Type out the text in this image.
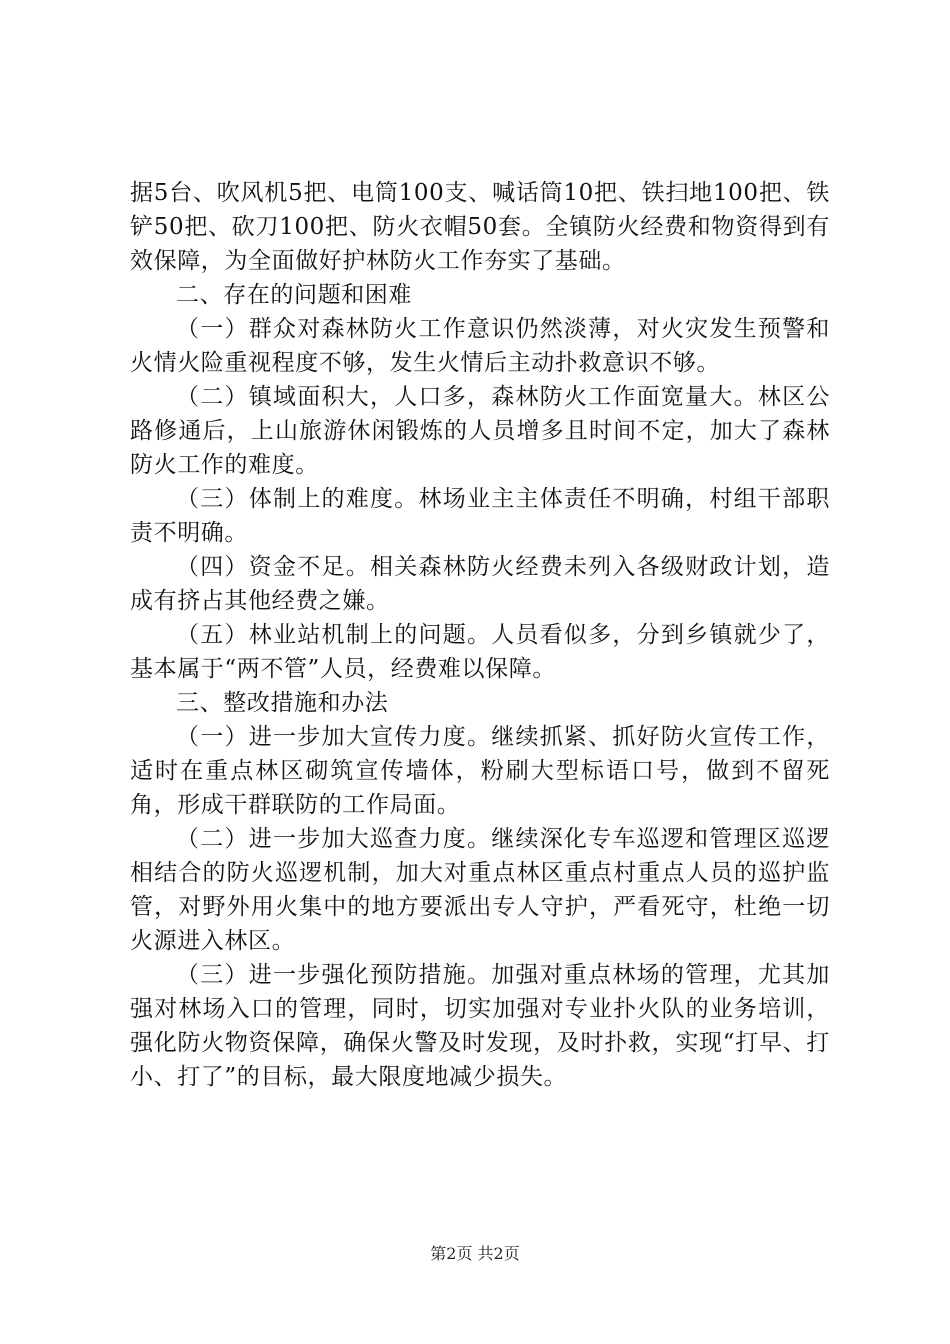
据5台、吹风机5把、电筒100支、喊话筒10把、铁扫地100把、铁铲50把、砍刀100把、防火衣帽50套。全镇防火经费和物资得到有效保障，为全面做好护林防火工作夯实了基础。

二、存在的问题和困难

（一）群众对森林防火工作意识仍然淡薄，对火灾发生预警和火情火险重视程度不够，发生火情后主动扑救意识不够。

（二）镇域面积大，人口多，森林防火工作面宽量大。林区公路修通后，上山旅游休闲锻炼的人员增多且时间不定，加大了森林防火工作的难度。

（三）体制上的难度。林场业主主体责任不明确，村组干部职责不明确。

（四）资金不足。相关森林防火经费未列入各级财政计划，造成有挤占其他经费之嫌。

（五）林业站机制上的问题。人员看似多，分到乡镇就少了，基本属于“两不管”人员，经费难以保障。

三、整改措施和办法

（一）进一步加大宣传力度。继续抓紧、抓好防火宣传工作，适时在重点林区砌筑宣传墙体，粉刷大型标语口号，做到不留死角，形成干群联防的工作局面。

（二）进一步加大巡查力度。继续深化专车巡逻和管理区巡逻相结合的防火巡逻机制，加大对重点林区重点村重点人员的巡护监管，对野外用火集中的地方要派出专人守护，严看死守，杜绝一切火源进入林区。

（三）进一步强化预防措施。加强对重点林场的管理，尤其加强对林场入口的管理，同时，切实加强对专业扑火队的业务培训，强化防火物资保障，确保火警及时发现，及时扑救，实现“打早、打小、打了”的目标，最大限度地减少损失。

第2页 共2页
